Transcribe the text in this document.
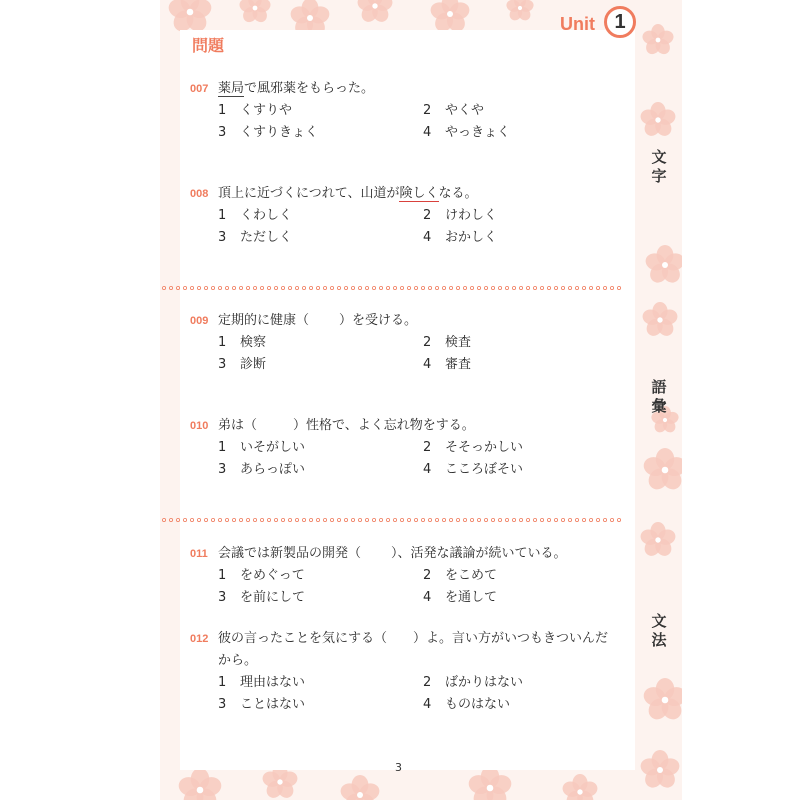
問題
Unit 1
文字
語彙
文法
007 薬局で風邪薬をもらった。
1 くすりや	2 やくや
3 くすりきょく	4 やっきょく
008 頂上に近づくにつれて、山道が険しくなる。
1 くわしく	2 けわしく
3 ただしく	4 おかしく
009 定期的に健康（ ）を受ける。
1 検察	2 検査
3 診断	4 審査
010 弟は（	）性格で、よく忘れ物をする。
1 いそがしい	2 そそっかしい
3 あらっぽい	4 こころぼそい
011 会議では新製品の開発（ ）、活発な議論が続いている。
1 をめぐって	2 をこめて
3 を前にして	4 を通して
012 彼の言ったことを気にする（ ）よ。言い方がいつもきついんだ
から。
1 理由はない	2 ばかりはない
3 ことはない	4 ものはない
3
